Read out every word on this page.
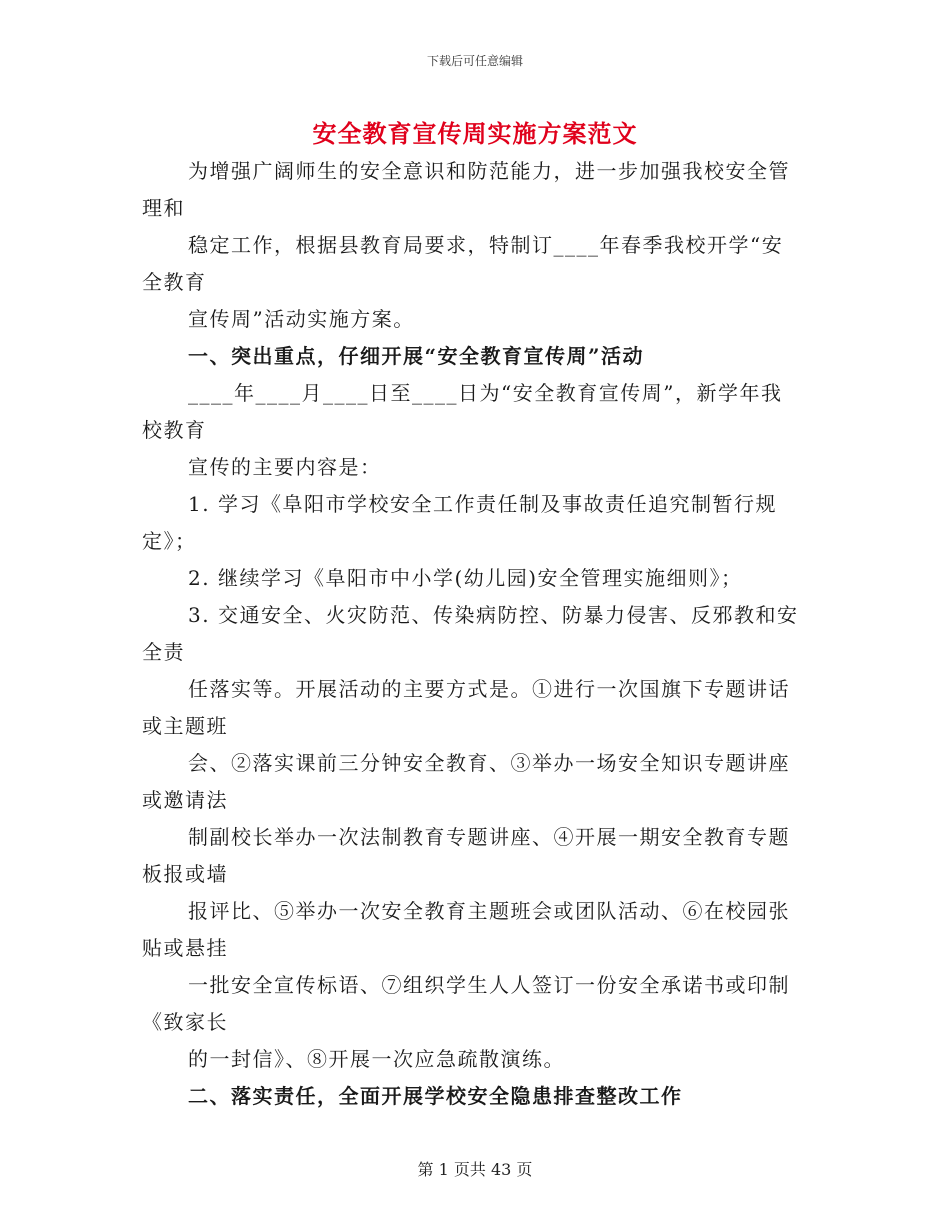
下载后可任意编辑
安全教育宣传周实施方案范文
为增强广阔师生的安全意识和防范能力，进一步加强我校安全管
理和
稳定工作，根据县教育局要求，特制订____年春季我校开学“安
全教育
宣传周”活动实施方案。
一、突出重点，仔细开展“安全教育宣传周”活动
____年____月____日至____日为“安全教育宣传周”，新学年我
校教育
宣传的主要内容是：
1. 学习《阜阳市学校安全工作责任制及事故责任追究制暂行规
定》；
2. 继续学习《阜阳市中小学(幼儿园)安全管理实施细则》；
3. 交通安全、火灾防范、传染病防控、防暴力侵害、反邪教和安
全责
任落实等。开展活动的主要方式是。①进行一次国旗下专题讲话
或主题班
会、②落实课前三分钟安全教育、③举办一场安全知识专题讲座
或邀请法
制副校长举办一次法制教育专题讲座、④开展一期安全教育专题
板报或墙
报评比、⑤举办一次安全教育主题班会或团队活动、⑥在校园张
贴或悬挂
一批安全宣传标语、⑦组织学生人人签订一份安全承诺书或印制
《致家长
的一封信》、⑧开展一次应急疏散演练。
二、落实责任，全面开展学校安全隐患排查整改工作
第 1 页共 43 页
